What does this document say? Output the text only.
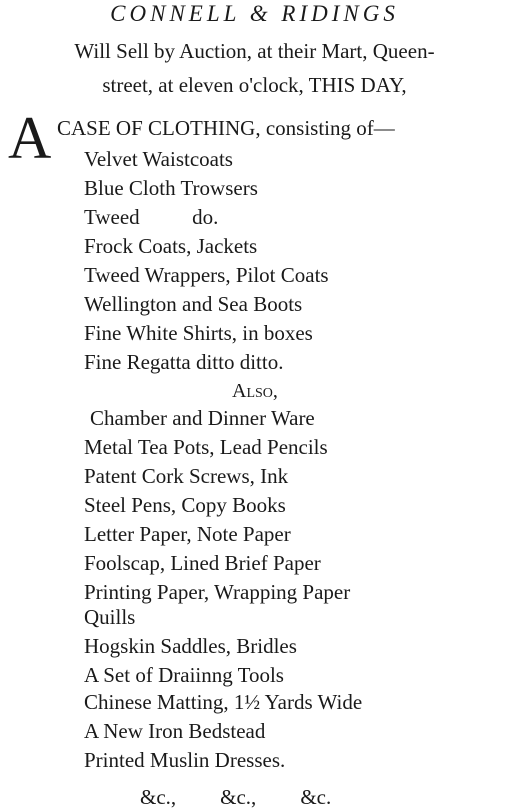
CONNELL & RIDINGS
Will Sell by Auction, at their Mart, Queen-
street, at eleven o'clock, THIS DAY,
A CASE OF CLOTHING, consisting of—
Velvet Waistcoats
Blue Cloth Trowsers
Tweed          do.
Frock Coats, Jackets
Tweed Wrappers, Pilot Coats
Wellington and Sea Boots
Fine White Shirts, in boxes
Fine Regatta ditto ditto.
Also,
Chamber and Dinner Ware
Metal Tea Pots, Lead Pencils
Patent Cork Screws, Ink
Steel Pens, Copy Books
Letter Paper, Note Paper
Foolscap, Lined Brief Paper
Printing Paper, Wrapping Paper
Quills
Hogskin Saddles, Bridles
A Set of Draiinng Tools
Chinese Matting, 1½ Yards Wide
A New Iron Bedstead
Printed Muslin Dresses.
&c., &c., &c.
